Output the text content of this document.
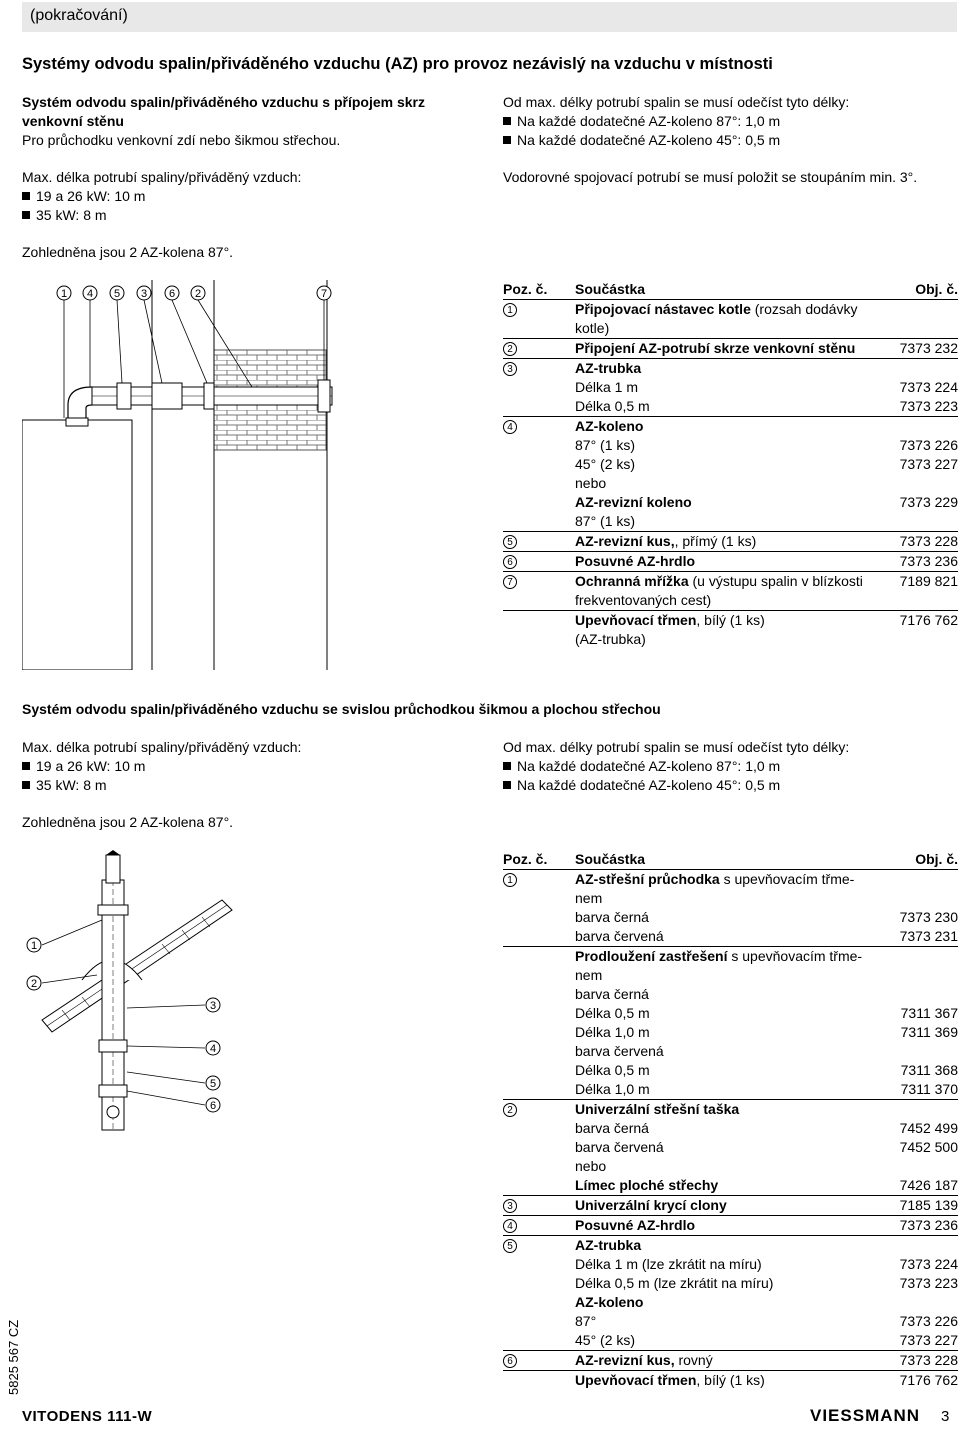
(pokračování)
Systémy odvodu spalin/přiváděného vzduchu (AZ) pro provoz nezávislý na vzduchu v místnosti
Systém odvodu spalin/přiváděného vzduchu s přípojem skrz
venkovní stěnu
Pro průchodku venkovní zdí nebo šikmou střechou.
Max. délka potrubí spaliny/přiváděný vzduch:
19 a 26 kW: 10 m
35 kW: 8 m
Zohledněna jsou 2 AZ-kolena 87°.
Od max. délky potrubí spalin se musí odečíst tyto délky:
Na každé dodatečné AZ-koleno 87°: 1,0 m
Na každé dodatečné AZ-koleno 45°: 0,5 m
Vodorovné spojovací potrubí se musí položit se stoupáním min. 3°.
1 4 5 3 6 2	7	Poz. č.	Součástka	Obj. č.
1	Připojovací nástavec kotle (rozsah dodávky	
	kotle)	
2	Připojení AZ-potrubí skrze venkovní stěnu	7373 232
3	AZ-trubka	
	Délka 1 m	7373 224
	Délka 0,5 m	7373 223
4	AZ-koleno	
	87° (1 ks)	7373 226
	45° (2 ks)	7373 227
	nebo	
	AZ-revizní koleno	7373 229
	87° (1 ks)	
5	AZ-revizní kus,, přímý (1 ks)	7373 228
6	Posuvné AZ-hrdlo	7373 236
7	Ochranná mřížka (u výstupu spalin v blízkosti	7189 821
	frekventovaných cest)	
	Upevňovací třmen, bílý (1 ks)	7176 762
	(AZ-trubka)	
Systém odvodu spalin/přiváděného vzduchu se svislou průchodkou šikmou a plochou střechou
Max. délka potrubí spaliny/přiváděný vzduch:
19 a 26 kW: 10 m
35 kW: 8 m
Zohledněna jsou 2 AZ-kolena 87°.
Od max. délky potrubí spalin se musí odečíst tyto délky:
Na každé dodatečné AZ-koleno 87°: 1,0 m
Na každé dodatečné AZ-koleno 45°: 0,5 m
1
2
3
4
5
6
Poz. č.	Součástka	Obj. č.
1	AZ-střešní průchodka s upevňovacím třme-	
	nem	
	barva černá	7373 230
	barva červená	7373 231
	Prodloužení zastřešení s upevňovacím třme-	
	nem	
	barva černá	
	Délka 0,5 m	7311 367
	Délka 1,0 m	7311 369
	barva červená	
	Délka 0,5 m	7311 368
	Délka 1,0 m	7311 370
2	Univerzální střešní taška	
	barva černá	7452 499
	barva červená	7452 500
	nebo	
	Límec ploché střechy	7426 187
3	Univerzální krycí clony	7185 139
4	Posuvné AZ-hrdlo	7373 236
5	AZ-trubka	
	Délka 1 m (lze zkrátit na míru)	7373 224
	Délka 0,5 m (lze zkrátit na míru)	7373 223
	AZ-koleno	
	87°	7373 226
	45° (2 ks)	7373 227
6	AZ-revizní kus, rovný	7373 228
	Upevňovací třmen, bílý (1 ks)	7176 762
5825 567 CZ
VITODENS 111-W	VIESSMANN 3
